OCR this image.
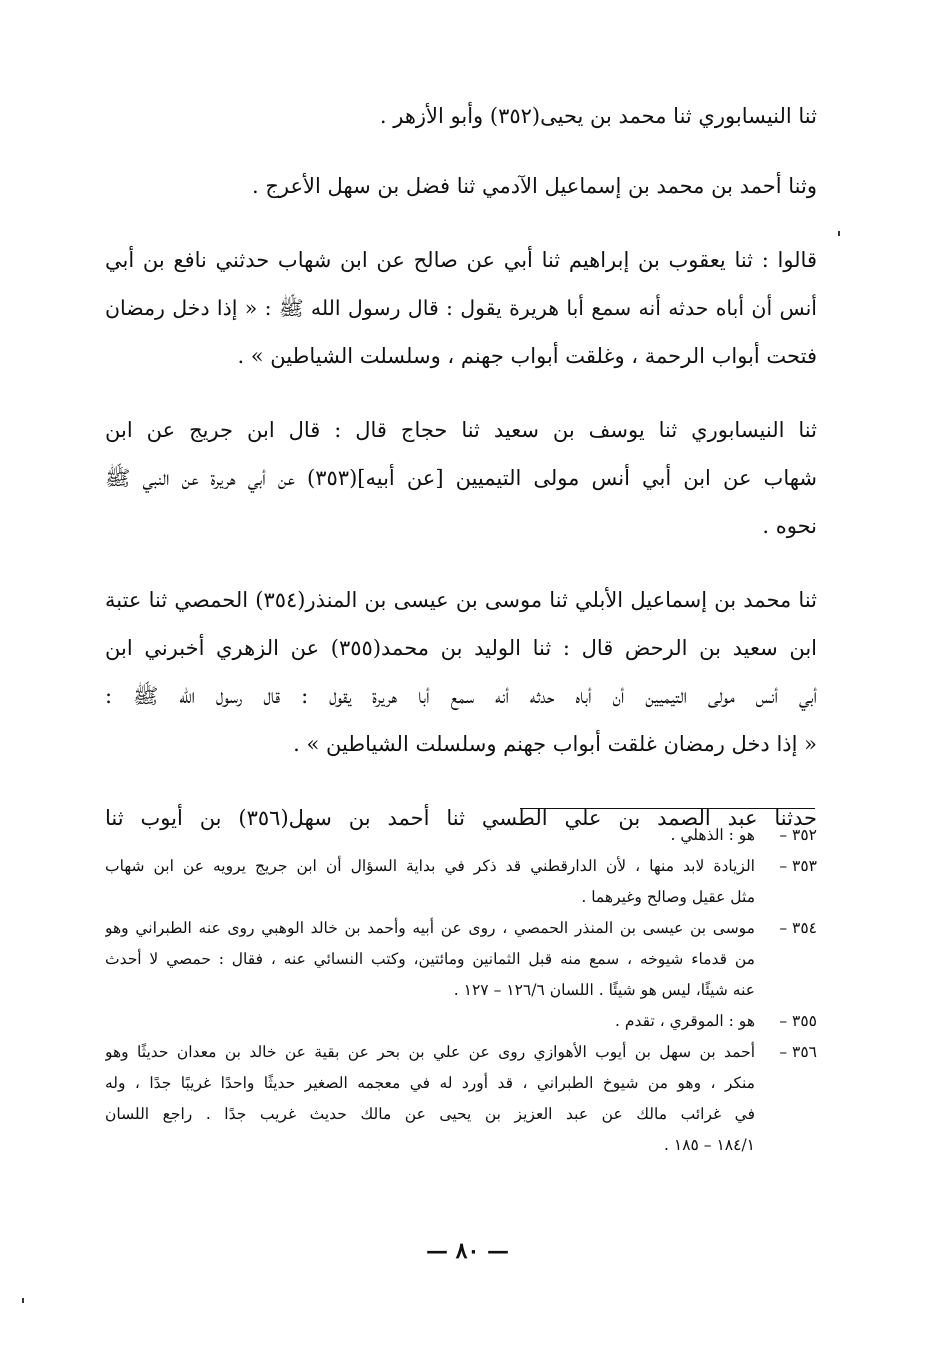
ثنا النيسابوري ثنا محمد بن يحيى(٣٥٢) وأبو الأزهر .
وثنا أحمد بن محمد بن إسماعيل الآدمي ثنا فضل بن سهل الأعرج .
قالوا : ثنا يعقوب بن إبراهيم ثنا أبي عن صالح عن ابن شهاب حدثني نافع بن أبي
أنس أن أباه حدثه أنه سمع أبا هريرة يقول : قال رسول الله ﷺ : « إذا دخل رمضان
فتحت أبواب الرحمة ، وغلقت أبواب جهنم ، وسلسلت الشياطين » .
ثنا النيسابوري ثنا يوسف بن سعيد ثنا حجاج قال : قال ابن جريج عن ابن
شهاب عن ابن أبي أنس مولى التيميين [عن أبيه](٣٥٣) عن أبي هريرة عن النبي ﷺ
نحوه .
ثنا محمد بن إسماعيل الأبلي ثنا موسى بن عيسى بن المنذر(٣٥٤) الحمصي ثنا عتبة
ابن سعيد بن الرحض قال : ثنا الوليد بن محمد(٣٥٥) عن الزهري أخبرني ابن
أبي أنس مولى التيميين أن أباه حدثه أنه سمع أبا هريرة يقول : قال رسول الله ﷺ :
« إذا دخل رمضان غلقت أبواب جهنم وسلسلت الشياطين » .
حدثنا عبد الصمد بن علي الطسي ثنا أحمد بن سهل(٣٥٦) بن أيوب ثنا
٣٥٢ –
هو : الذهلي .
٣٥٣ –
الزيادة لابد منها ، لأن الدارقطني قد ذكر في بداية السؤال أن ابن جريج يرويه عن ابن شهاب
مثل عقيل وصالح وغيرهما .
٣٥٤ –
موسى بن عيسى بن المنذر الحمصي ، روى عن أبيه وأحمد بن خالد الوهبي روى عنه الطبراني وهو
من قدماء شيوخه ، سمع منه قبل الثمانين ومائتين، وكتب النسائي عنه ، فقال : حمصي لا أحدث
عنه شيئًا، ليس هو شيئًا . اللسان ١٢٦/٦ – ١٢٧ .
٣٥٥ –
هو : الموقري ، تقدم .
٣٥٦ –
أحمد بن سهل بن أيوب الأهوازي روى عن علي بن بحر عن بقية عن خالد بن معدان حديثًا وهو
منكر ، وهو من شيوخ الطبراني ، قد أورد له في معجمه الصغير حديثًا واحدًا غريبًا جدًا ، وله
في غرائب مالك عن عبد العزيز بن يحيى عن مالك حديث غريب جدًا . راجع اللسان
١٨٤/١ – ١٨٥ .
— ٨٠ —
